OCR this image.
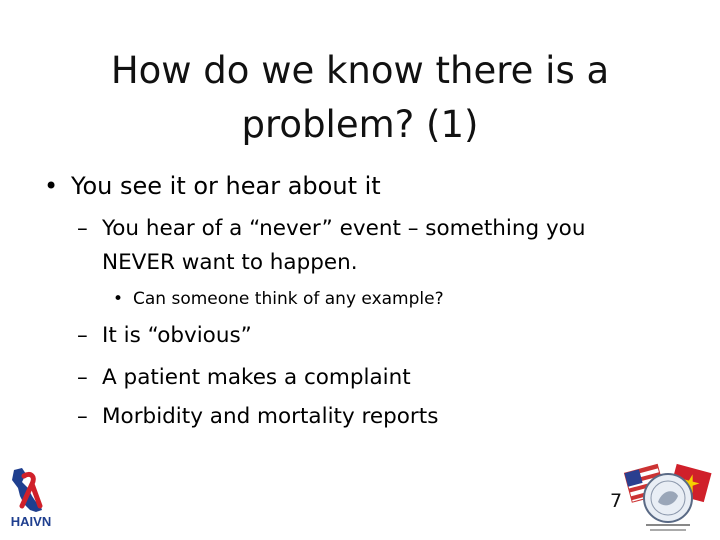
How do we know there is a
problem? (1)
• You see it or hear about it
– You hear of a “never” event – something you
NEVER want to happen.
• Can someone think of any example?
– It is “obvious”
– A patient makes a complaint
– Morbidity and mortality reports
7
HAIVN
